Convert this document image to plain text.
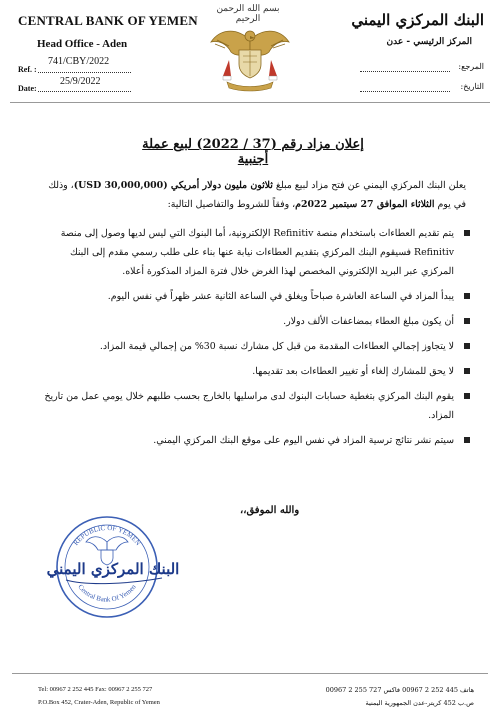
CENTRAL BANK OF YEMEN
Head Office - Aden
Ref. :
741/CBY/2022
Date:
25/9/2022
بسم الله الرحمن الرحيم	البنك المركزي اليمني
المركز الرئيسي - عدن
المرجع:
التاريخ:
إعلان مزاد رقم (37 / 2022) لبيع عملة أجنبية
يعلن البنك المركزي اليمني عن فتح مزاد لبيع مبلغ ثلاثون مليون دولار أمريكي (30,000,000 USD)، وذلك في يوم الثلاثاء الموافق 27 سبتمبر 2022م، وفقاً للشروط والتفاصيل التالية:
يتم تقديم العطاءات باستخدام منصة Refinitiv الإلكترونية، أما البنوك التي ليس لديها وصول إلى منصة Refinitiv فسيقوم البنك المركزي بتقديم العطاءات نيابة عنها بناء على طلب رسمي مقدم إلى البنك المركزي عبر البريد الإلكتروني المخصص لهذا الغرض خلال فترة المزاد المذكورة أعلاه.
يبدأ المزاد في الساعة العاشرة صباحاً ويغلق في الساعة الثانية عشر ظهراً في نفس اليوم.
أن يكون مبلغ العطاء بمضاعفات الألف دولار.
لا يتجاوز إجمالي العطاءات المقدمة من قبل كل مشارك نسبة 30% من إجمالي قيمة المزاد.
لا يحق للمشارك إلغاء أو تغيير العطاءات بعد تقديمها.
يقوم البنك المركزي بتغطية حسابات البنوك لدى مراسليها بالخارج بحسب طلبهم خلال يومي عمل من تاريخ المزاد.
سيتم نشر نتائج ترسية المزاد في نفس اليوم على موقع البنك المركزي اليمني.
والله الموفق،،
REPUBLIC OF YEMEN
Central Bank Of Yemen
البنك المركزي اليمني
Tel: 00967 2 252 445 Fax: 00967 2 255 727
P.O.Box 452, Crater-Aden, Republic of Yemen
هاتف 445 252 2 00967 فاكس 727 255 2 00967
ص.ب 452 كريتر-عدن الجمهورية اليمنية
